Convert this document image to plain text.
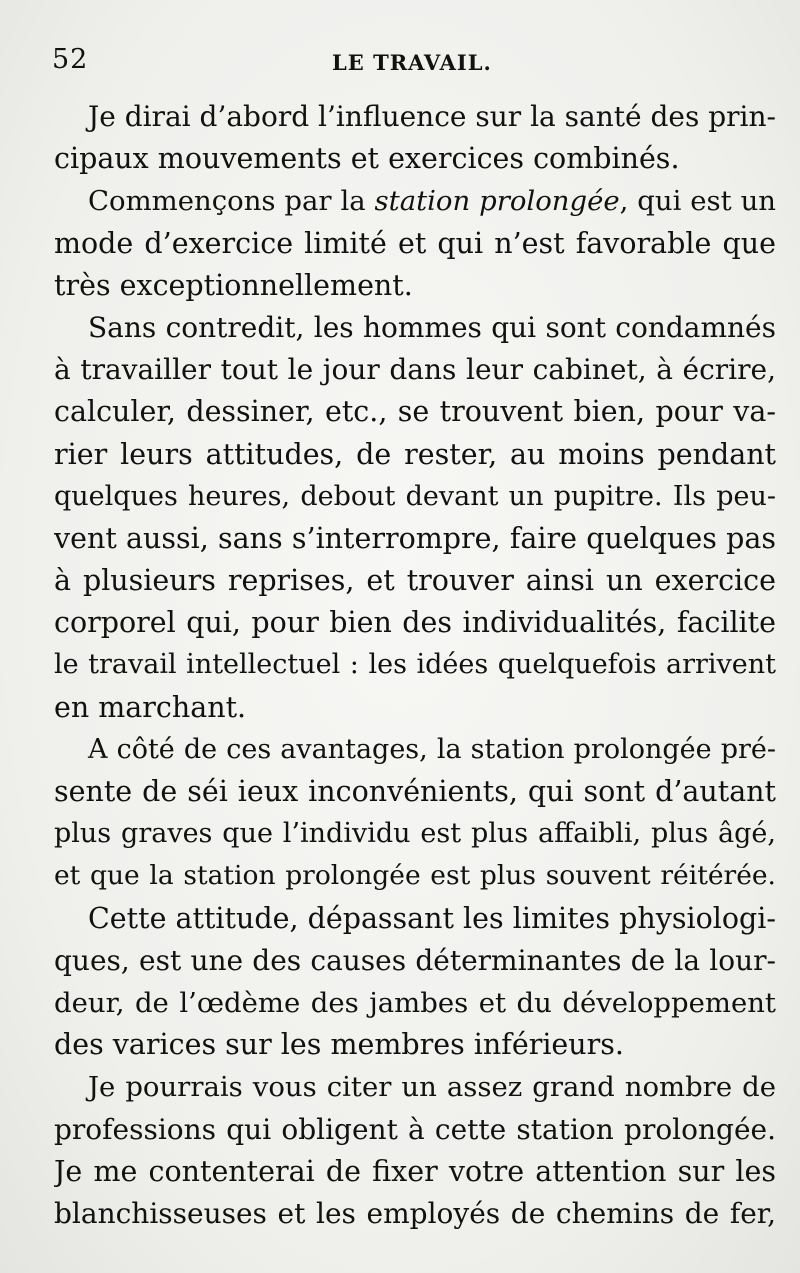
52	LE TRAVAIL.
Je dirai d’abord l’influence sur la santé des prin-
cipaux mouvements et exercices combinés.
Commençons par la station prolongée, qui est un
mode d’exercice limité et qui n’est favorable que
très exceptionnellement.
Sans contredit, les hommes qui sont condamnés
à travailler tout le jour dans leur cabinet, à écrire,
calculer, dessiner, etc., se trouvent bien, pour va-
rier leurs attitudes, de rester, au moins pendant
quelques heures, debout devant un pupitre. Ils peu-
vent aussi, sans s’interrompre, faire quelques pas
à plusieurs reprises, et trouver ainsi un exercice
corporel qui, pour bien des individualités, facilite
le travail intellectuel : les idées quelquefois arrivent
en marchant.
A côté de ces avantages, la station prolongée pré-
sente de séi ieux inconvénients, qui sont d’autant
plus graves que l’individu est plus affaibli, plus âgé,
et que la station prolongée est plus souvent réitérée.
Cette attitude, dépassant les limites physiologi-
ques, est une des causes déterminantes de la lour-
deur, de l’œdème des jambes et du développement
des varices sur les membres inférieurs.
Je pourrais vous citer un assez grand nombre de
professions qui obligent à cette station prolongée.
Je me contenterai de fixer votre attention sur les
blanchisseuses et les employés de chemins de fer,
